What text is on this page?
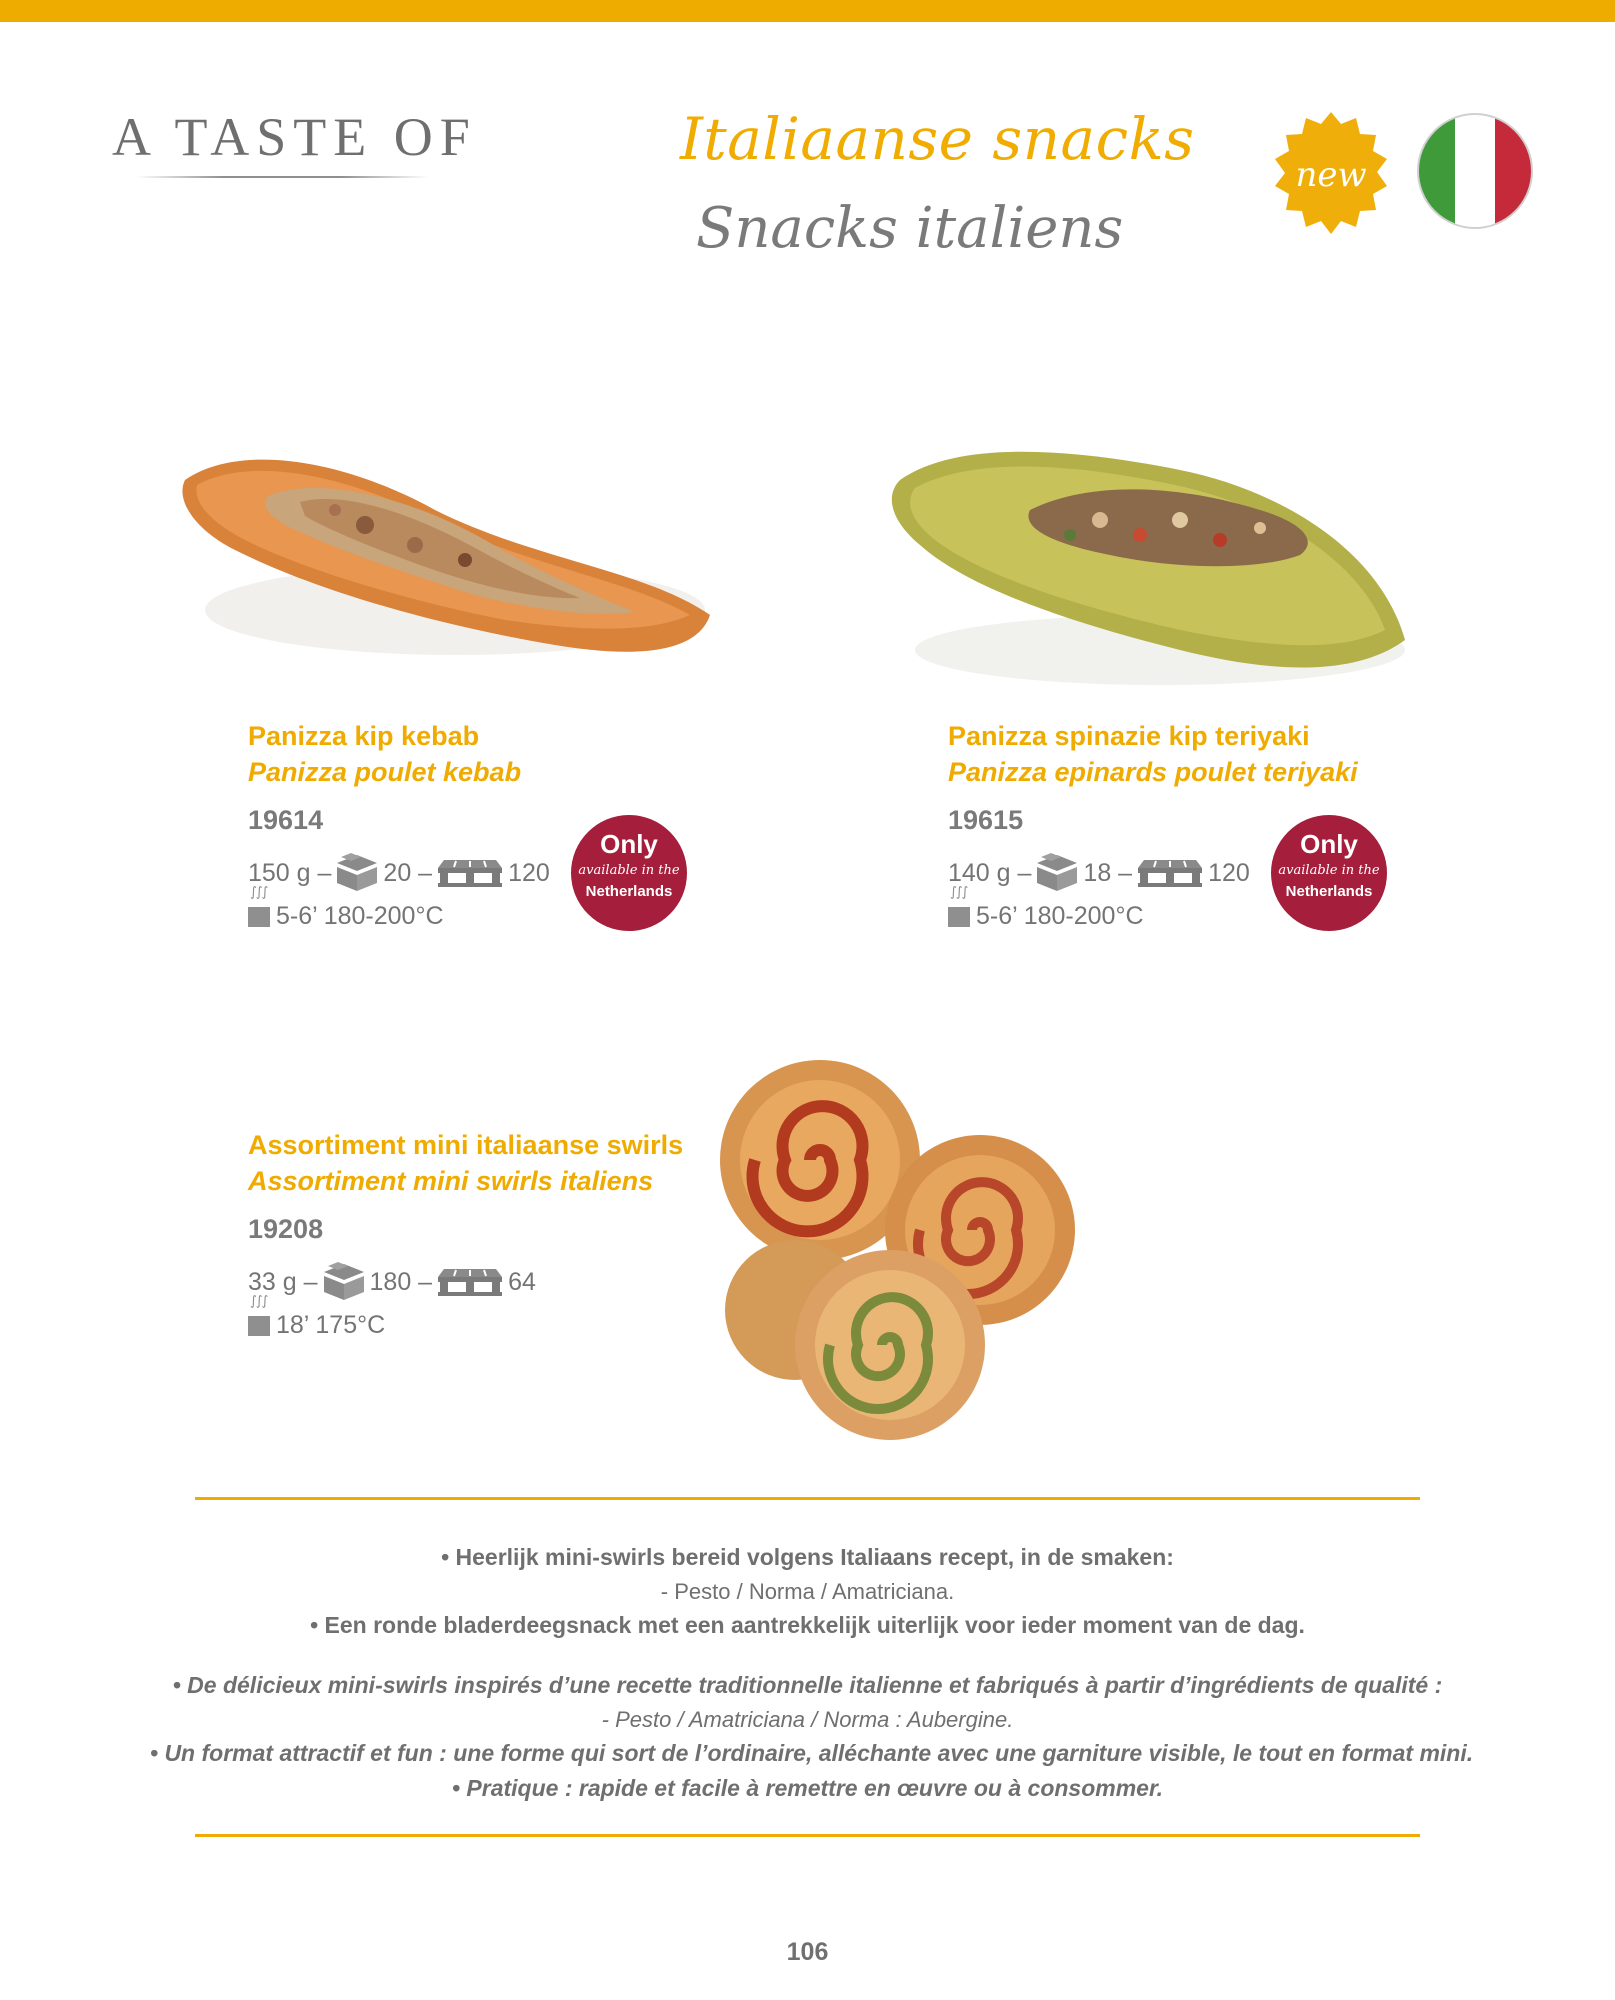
A TASTE OF	Italiaanse snacks
Snacks italiens
new
Panizza kip kebab
Panizza poulet kebab
19614
150 g – 20 –	120
∫∫∫
5-6’ 180-200°C
Only
available in the
Netherlands
Panizza spinazie kip teriyaki
Panizza epinards poulet teriyaki
19615
140 g – 18 –	120
∫∫∫
5-6’ 180-200°C
Only
available in the
Netherlands
Assortiment mini italiaanse swirls
Assortiment mini swirls italiens
19208
33 g – 180 –	64
∫∫∫
18’ 175°C
• Heerlijk mini-swirls bereid volgens Italiaans recept, in de smaken:
- Pesto / Norma / Amatriciana.
• Een ronde bladerdeegsnack met een aantrekkelijk uiterlijk voor ieder moment van de dag.
• De délicieux mini-swirls inspirés d’une recette traditionnelle italienne et fabriqués à partir d’ingrédients de qualité :
- Pesto / Amatriciana / Norma : Aubergine.
• Un format attractif et fun : une forme qui sort de l’ordinaire, alléchante avec une garniture visible, le tout en format mini.
• Pratique : rapide et facile à remettre en œuvre ou à consommer.
106
